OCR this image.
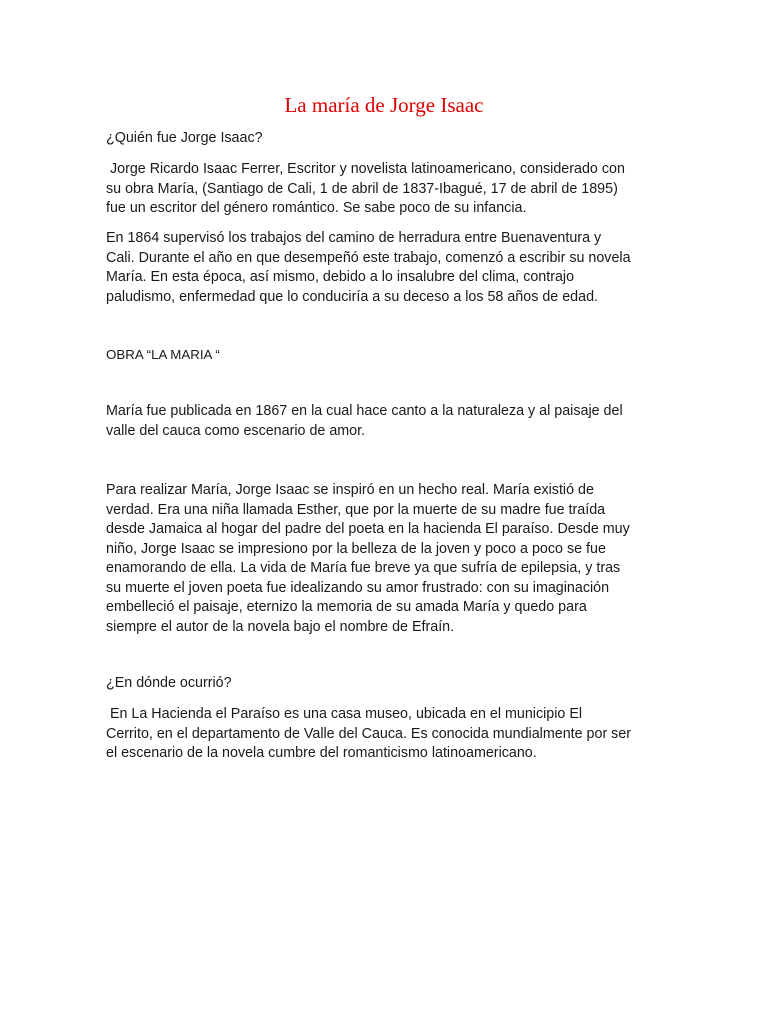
La maría de Jorge Isaac

¿Quién fue Jorge Isaac?

Jorge Ricardo Isaac Ferrer, Escritor y novelista latinoamericano, considerado con
su obra María, (Santiago de Cali, 1 de abril de 1837-Ibagué, 17 de abril de 1895)
fue un escritor del género romántico. Se sabe poco de su infancia.

En 1864 supervisó los trabajos del camino de herradura entre Buenaventura y
Cali. Durante el año en que desempeñó este trabajo, comenzó a escribir su novela
María. En esta época, así mismo, debido a lo insalubre del clima, contrajo
paludismo, enfermedad que lo conduciría a su deceso a los 58 años de edad.

OBRA “LA MARIA “

María fue publicada en 1867 en la cual hace canto a la naturaleza y al paisaje del
valle del cauca como escenario de amor.

Para realizar María, Jorge Isaac se inspiró en un hecho real. María existió de
verdad. Era una niña llamada Esther, que por la muerte de su madre fue traída
desde Jamaica al hogar del padre del poeta en la hacienda El paraíso. Desde muy
niño, Jorge Isaac se impresiono por la belleza de la joven y poco a poco se fue
enamorando de ella. La vida de María fue breve ya que sufría de epilepsia, y tras
su muerte el joven poeta fue idealizando su amor frustrado: con su imaginación
embelleció el paisaje, eternizo la memoria de su amada María y quedo para
siempre el autor de la novela bajo el nombre de Efraín.

¿En dónde ocurrió?

En La Hacienda el Paraíso es una casa museo, ubicada en el municipio El
Cerrito, en el departamento de Valle del Cauca. Es conocida mundialmente por ser
el escenario de la novela cumbre del romanticismo latinoamericano.
